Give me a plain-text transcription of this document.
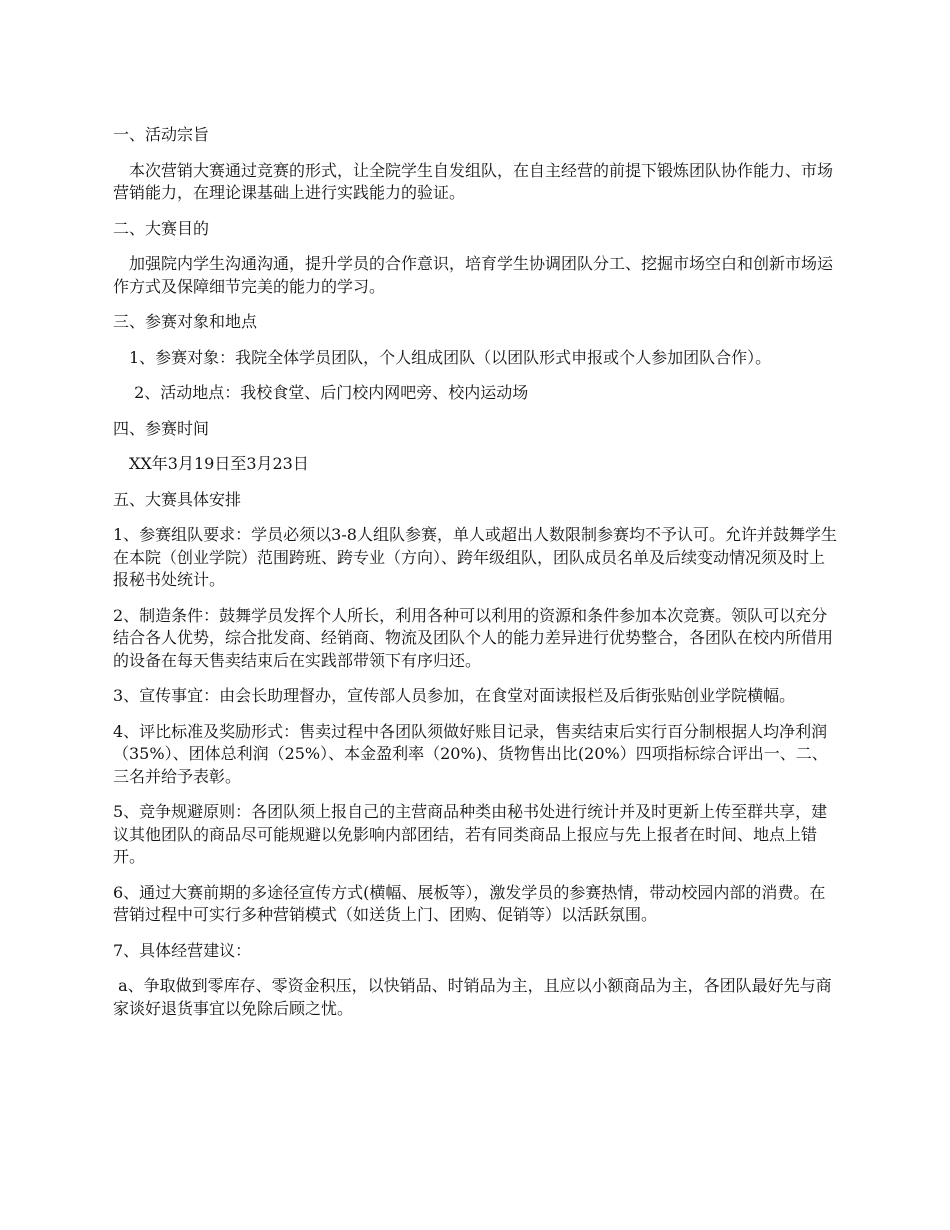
一、活动宗旨

　本次营销大赛通过竞赛的形式，让全院学生自发组队，在自主经营的前提下锻炼团队协作能力、市场营销能力，在理论课基础上进行实践能力的验证。

二、大赛目的

　加强院内学生沟通沟通，提升学员的合作意识，培育学生协调团队分工、挖掘市场空白和创新市场运作方式及保障细节完美的能力的学习。

三、参赛对象和地点

　1、参赛对象：我院全体学员团队，个人组成团队（以团队形式申报或个人参加团队合作）。

　 2、活动地点：我校食堂、后门校内网吧旁、校内运动场

四、参赛时间

　XX年3月19日至3月23日

五、大赛具体安排

1、参赛组队要求：学员必须以3-8人组队参赛，单人或超出人数限制参赛均不予认可。允许并鼓舞学生在本院（创业学院）范围跨班、跨专业（方向）、跨年级组队，团队成员名单及后续变动情况须及时上报秘书处统计。

2、制造条件：鼓舞学员发挥个人所长，利用各种可以利用的资源和条件参加本次竞赛。领队可以充分结合各人优势，综合批发商、经销商、物流及团队个人的能力差异进行优势整合，各团队在校内所借用的设备在每天售卖结束后在实践部带领下有序归还。

3、宣传事宜：由会长助理督办，宣传部人员参加，在食堂对面读报栏及后街张贴创业学院横幅。

4、评比标准及奖励形式：售卖过程中各团队须做好账目记录，售卖结束后实行百分制根据人均净利润（35%）、团体总利润（25%）、本金盈利率（20%)、货物售出比(20%）四项指标综合评出一、二、三名并给予表彰。

5、竞争规避原则：各团队须上报自己的主营商品种类由秘书处进行统计并及时更新上传至群共享，建议其他团队的商品尽可能规避以免影响内部团结，若有同类商品上报应与先上报者在时间、地点上错开。

6、通过大赛前期的多途径宣传方式(横幅、展板等），激发学员的参赛热情，带动校园内部的消费。在营销过程中可实行多种营销模式（如送货上门、团购、促销等）以活跃氛围。

7、具体经营建议：

a、争取做到零库存、零资金积压，以快销品、时销品为主，且应以小额商品为主，各团队最好先与商家谈好退货事宜以免除后顾之忧。
